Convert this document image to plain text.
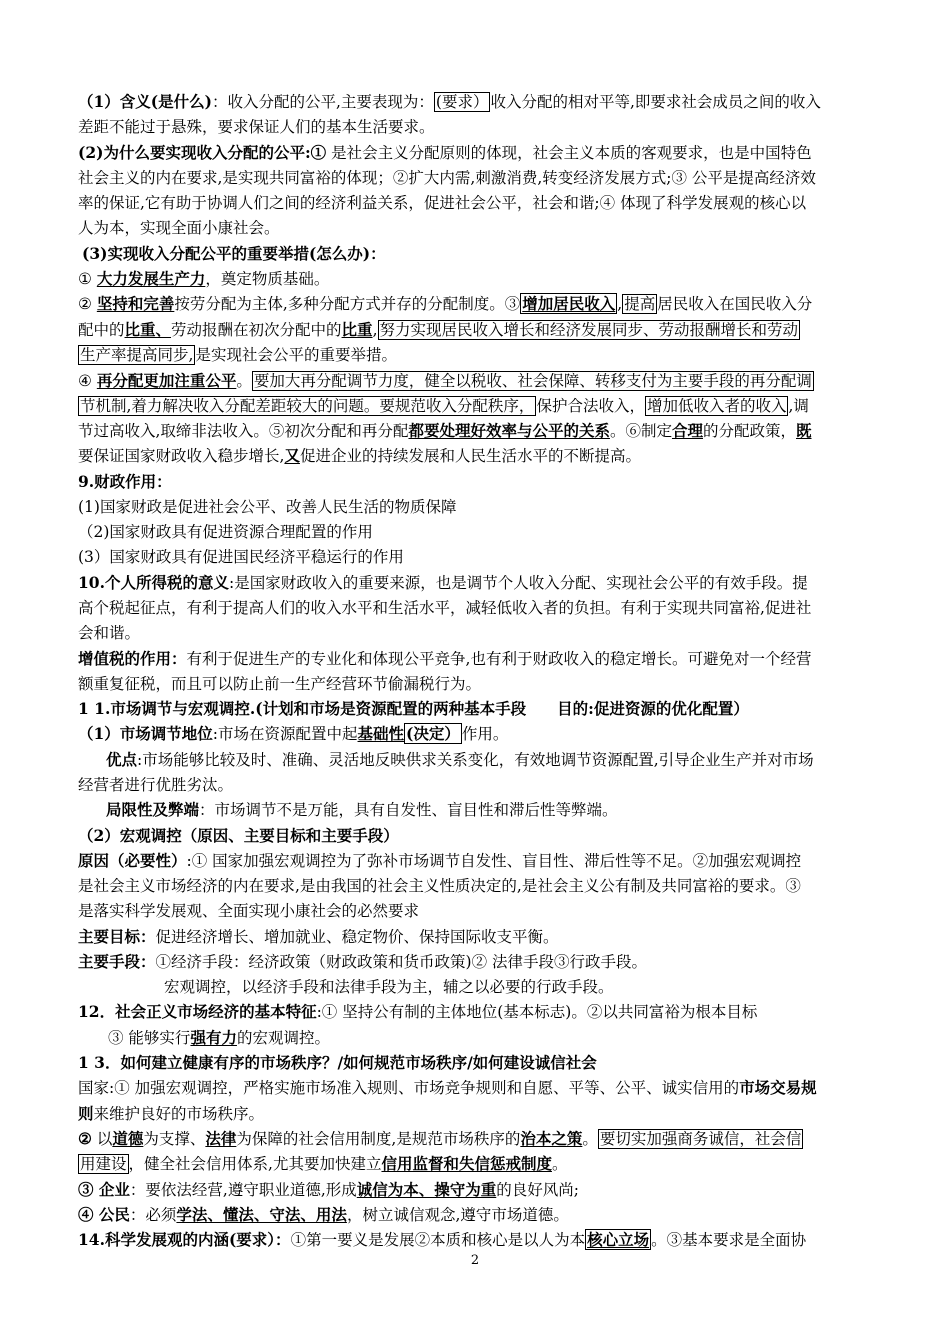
（1）含义(是什么)：收入分配的公平,主要表现为： (要求） 收入分配的相对平等,即要求社会成员之间的收入
差距不能过于悬殊，要求保证人们的基本生活要求。
(2)为什么要实现收入分配的公平:① 是社会主义分配原则的体现，社会主义本质的客观要求，也是中国特色
社会主义的内在要求,是实现共同富裕的体现；②扩大内需,刺激消费,转变经济发展方式;③ 公平是提高经济效
率的保证,它有助于协调人们之间的经济利益关系，促进社会公平，社会和谐;④ 体现了科学发展观的核心以
人为本，实现全面小康社会。
(3)实现收入分配公平的重要举措(怎么办)：
① 大力发展生产力，奠定物质基础。
② 坚持和完善按劳分配为主体,多种分配方式并存的分配制度。③ 增加居民收入 , 提高 居民收入在国民收入分
配中的比重、劳动报酬在初次分配中的比重, 努力实现居民收入增长和经济发展同步、劳动报酬增长和劳动
生产率提高同步, 是实现社会公平的重要举措。
④ 再分配更加注重公平。 要加大再分配调节力度，健全以税收、社会保障、转移支付为主要手段的再分配调
节机制,着力解决收入分配差距较大的问题。要规范收入分配秩序， 保护合法收入， 增加低收入者的收入 ,调
节过高收入,取缔非法收入。⑤初次分配和再分配都要处理好效率与公平的关系。⑥制定合理的分配政策，既
要保证国家财政收入稳步增长,又促进企业的持续发展和人民生活水平的不断提高。
9.财政作用：
(1)国家财政是促进社会公平、改善人民生活的物质保障
（2)国家财政具有促进资源合理配置的作用
(3）国家财政具有促进国民经济平稳运行的作用
10.个人所得税的意义:是国家财政收入的重要来源，也是调节个人收入分配、实现社会公平的有效手段。提
高个税起征点，有利于提高人们的收入水平和生活水平，减轻低收入者的负担。有利于实现共同富裕,促进社
会和谐。
增值税的作用：有利于促进生产的专业化和体现公平竞争,也有利于财政收入的稳定增长。可避免对一个经营
额重复征税，而且可以防止前一生产经营环节偷漏税行为。
1 1.市场调节与宏观调控.(计划和市场是资源配置的两种基本手段　　目的:促进资源的优化配置）
（1）市场调节地位:市场在资源配置中起基础性 (决定） 作用。
优点:市场能够比较及时、准确、灵活地反映供求关系变化，有效地调节资源配置,引导企业生产并对市场
经营者进行优胜劣汰。
局限性及弊端：市场调节不是万能，具有自发性、盲目性和滞后性等弊端。
（2）宏观调控（原因、主要目标和主要手段）
原因（必要性）:① 国家加强宏观调控为了弥补市场调节自发性、盲目性、滞后性等不足。②加强宏观调控
是社会主义市场经济的内在要求,是由我国的社会主义性质决定的,是社会主义公有制及共同富裕的要求。③
是落实科学发展观、全面实现小康社会的必然要求
主要目标：促进经济增长、增加就业、稳定物价、保持国际收支平衡。
主要手段：①经济手段：经济政策（财政政策和货币政策)② 法律手段③行政手段。
宏观调控，以经济手段和法律手段为主，辅之以必要的行政手段。
12．社会正义市场经济的基本特征:① 坚持公有制的主体地位(基本标志)。②以共同富裕为根本目标
③ 能够实行强有力的宏观调控。
1 3．如何建立健康有序的市场秩序？/如何规范市场秩序/如何建设诚信社会
国家:① 加强宏观调控，严格实施市场准入规则、市场竞争规则和自愿、平等、公平、诚实信用的市场交易规
则来维护良好的市场秩序。
② 以道德为支撑、法律为保障的社会信用制度,是规范市场秩序的治本之策。 要切实加强商务诚信，社会信
用建设 ，健全社会信用体系,尤其要加快建立信用监督和失信惩戒制度。
③ 企业：要依法经营,遵守职业道德,形成诚信为本、操守为重的良好风尚;
④ 公民：必须学法、懂法、守法、用法，树立诚信观念,遵守市场道德。
14.科学发展观的内涵(要求）：①第一要义是发展②本质和核心是以人为本 核心立场 。③基本要求是全面协
2
